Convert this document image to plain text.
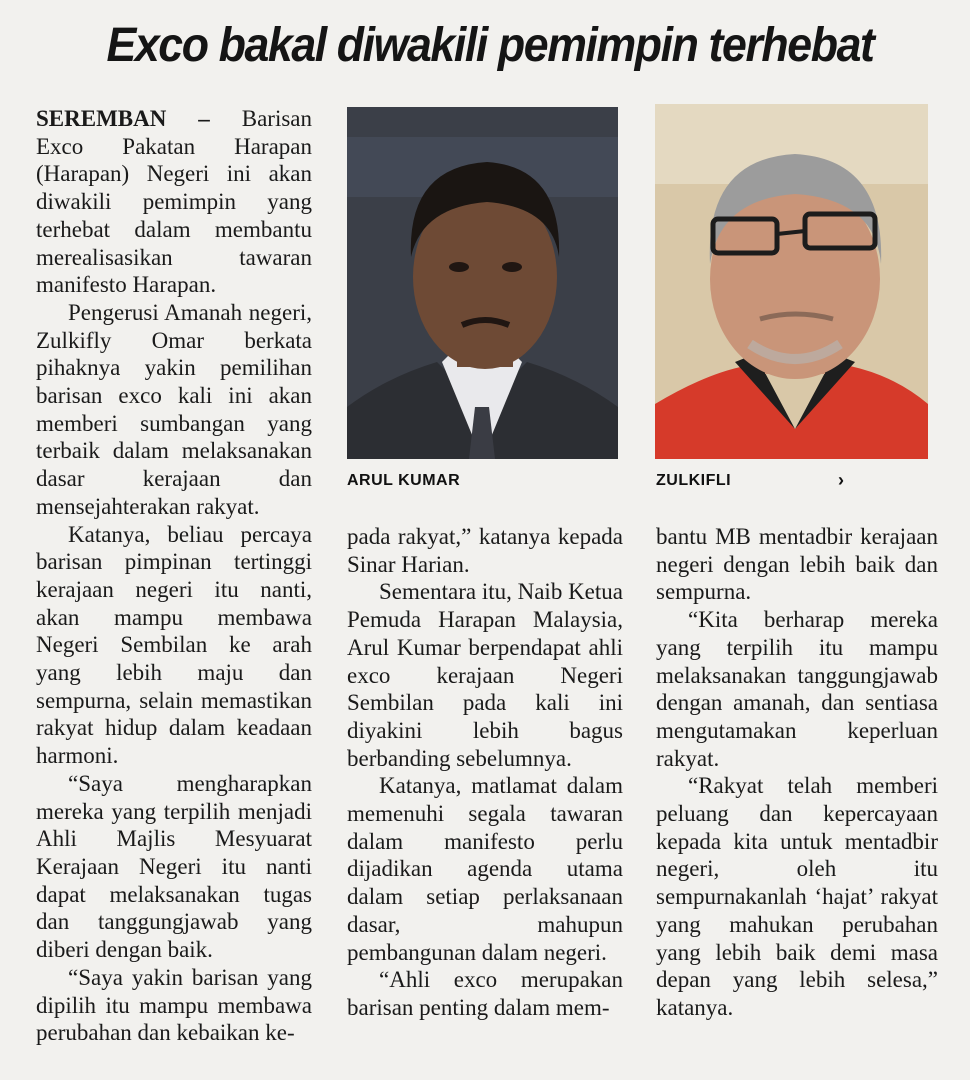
Exco bakal diwakili pemimpin terhebat

SEREMBAN – Barisan Exco Pakatan Harapan (Harapan) Negeri ini akan diwakili pemimpin yang terhebat dalam membantu merealisasikan tawaran manifesto Harapan.

Pengerusi Amanah negeri, Zulkifly Omar berkata pihaknya yakin pemilihan barisan exco kali ini akan memberi sumbangan yang terbaik dalam melaksanakan dasar kerajaan dan mensejahterakan rakyat.

Katanya, beliau percaya barisan pimpinan tertinggi kerajaan negeri itu nanti, akan mampu membawa Negeri Sembilan ke arah yang lebih maju dan sempurna, selain memastikan rakyat hidup dalam keadaan harmoni.

“Saya mengharapkan mereka yang terpilih menjadi Ahli Majlis Mesyuarat Kerajaan Negeri itu nanti dapat melaksanakan tugas dan tanggungjawab yang diberi dengan baik.

“Saya yakin barisan yang dipilih itu mampu membawa perubahan dan kebaikan ke-

ARUL KUMAR	ZULKIFLI	›

pada rakyat,” katanya kepada Sinar Harian.

Sementara itu, Naib Ketua Pemuda Harapan Malaysia, Arul Kumar berpendapat ahli exco kerajaan Negeri Sembilan pada kali ini diyakini lebih bagus berbanding sebelumnya.

Katanya, matlamat dalam memenuhi segala tawaran dalam manifesto perlu dijadikan agenda utama dalam setiap perlaksanaan dasar, mahupun pembangunan dalam negeri.

“Ahli exco merupakan barisan penting dalam mem-

bantu MB mentadbir kerajaan negeri dengan lebih baik dan sempurna.

“Kita berharap mereka yang terpilih itu mampu melaksanakan tanggungjawab dengan amanah, dan sentiasa mengutamakan keperluan rakyat.

“Rakyat telah memberi peluang dan kepercayaan kepada kita untuk mentadbir negeri, oleh itu sempurnakanlah ‘hajat’ rakyat yang mahukan perubahan yang lebih baik demi masa depan yang lebih selesa,” katanya.
